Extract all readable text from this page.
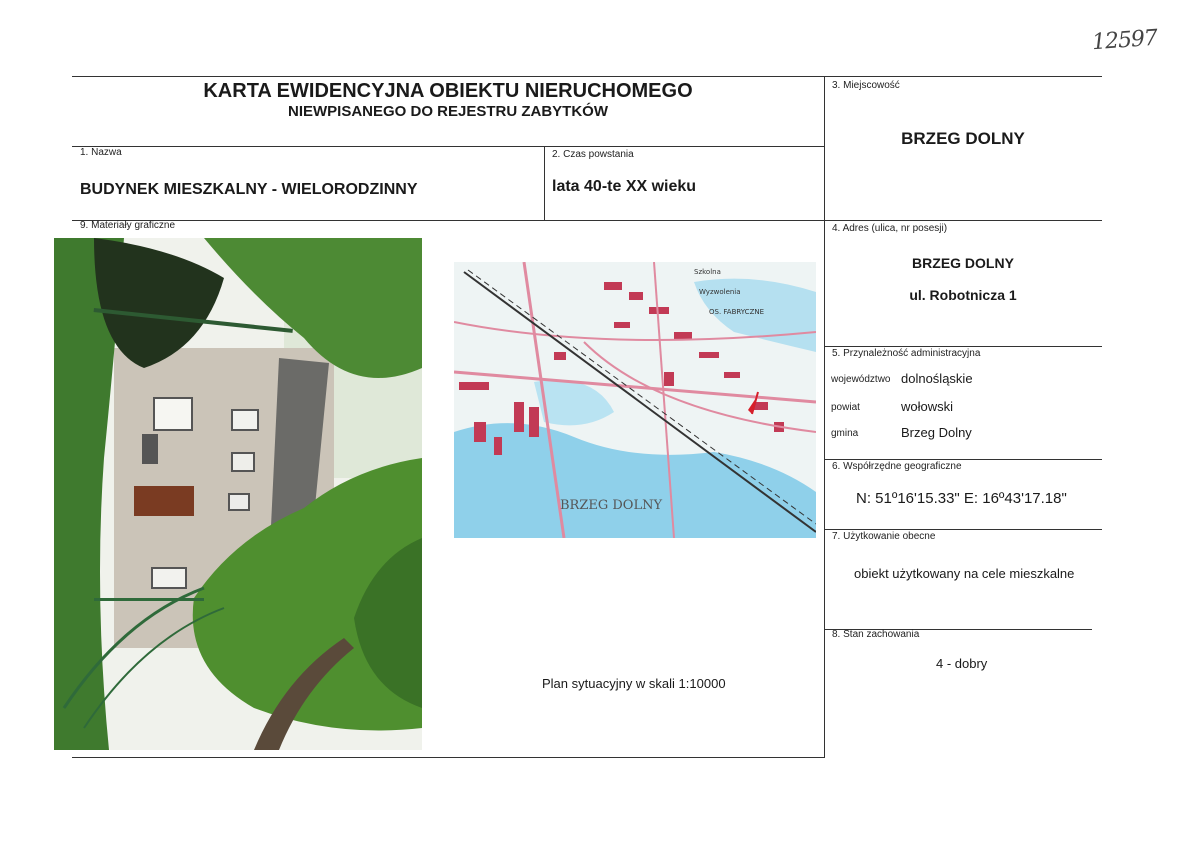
12597
KARTA EWIDENCYJNA OBIEKTU NIERUCHOMEGO
NIEWPISANEGO DO REJESTRU ZABYTKÓW
1. Nazwa
BUDYNEK MIESZKALNY - WIELORODZINNY
2. Czas powstania
lata 40-te XX wieku
3. Miejscowość
BRZEG DOLNY
4. Adres (ulica, nr posesji)
BRZEG DOLNY
ul. Robotnicza 1
5. Przynależność administracyjna
województwo dolnośląskie
powiat	wołowski
gmina	Brzeg Dolny
6. Współrzędne geograficzne
N: 51º16'15.33" E: 16º43'17.18"
7. Użytkowanie obecne
obiekt użytkowany na cele mieszkalne
8. Stan zachowania
4 - dobry
9. Materiały graficzne
Szkolna
Wyzwolenia
OS. FABRYCZNE
BRZEG DOLNY
Plan sytuacyjny w skali 1:10000
